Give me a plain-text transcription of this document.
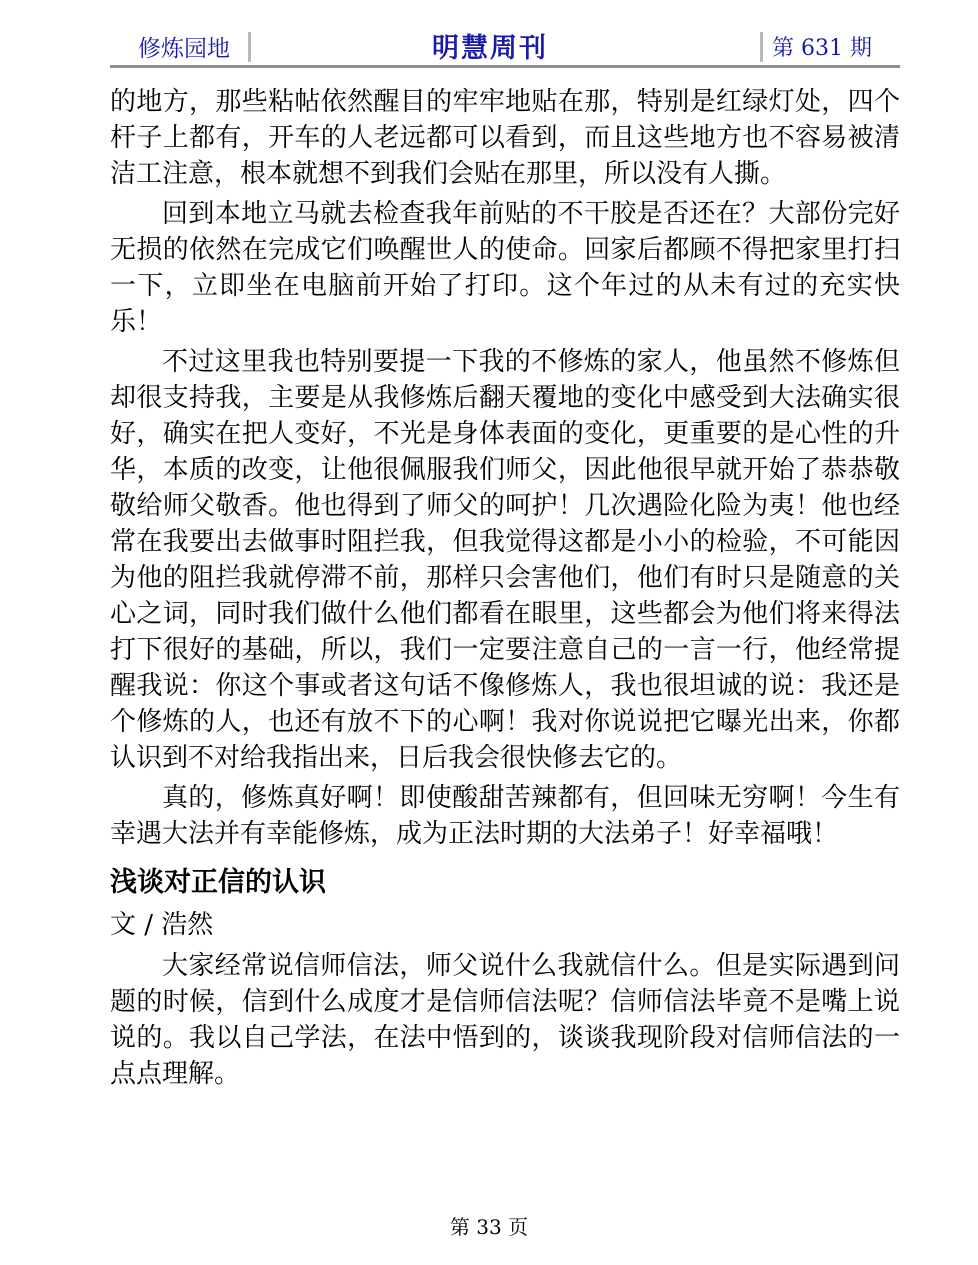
修炼园地	明慧周刊	第 631 期

的地方，那些粘帖依然醒目的牢牢地贴在那，特别是红绿灯处，四个杆子上都有，开车的人老远都可以看到，而且这些地方也不容易被清洁工注意，根本就想不到我们会贴在那里，所以没有人撕。

回到本地立马就去检查我年前贴的不干胶是否还在？大部份完好无损的依然在完成它们唤醒世人的使命。回家后都顾不得把家里打扫一下，立即坐在电脑前开始了打印。这个年过的从未有过的充实快乐！

不过这里我也特别要提一下我的不修炼的家人，他虽然不修炼但却很支持我，主要是从我修炼后翻天覆地的变化中感受到大法确实很好，确实在把人变好，不光是身体表面的变化，更重要的是心性的升华，本质的改变，让他很佩服我们师父，因此他很早就开始了恭恭敬敬给师父敬香。他也得到了师父的呵护！几次遇险化险为夷！他也经常在我要出去做事时阻拦我，但我觉得这都是小小的检验，不可能因为他的阻拦我就停滞不前，那样只会害他们，他们有时只是随意的关心之词，同时我们做什么他们都看在眼里，这些都会为他们将来得法打下很好的基础，所以，我们一定要注意自己的一言一行，他经常提醒我说：你这个事或者这句话不像修炼人，我也很坦诚的说：我还是个修炼的人，也还有放不下的心啊！我对你说说把它曝光出来，你都认识到不对给我指出来，日后我会很快修去它的。

真的，修炼真好啊！即使酸甜苦辣都有，但回味无穷啊！今生有幸遇大法并有幸能修炼，成为正法时期的大法弟子！好幸福哦！

浅谈对正信的认识
文 / 浩然

大家经常说信师信法，师父说什么我就信什么。但是实际遇到问题的时候，信到什么成度才是信师信法呢？信师信法毕竟不是嘴上说说的。我以自己学法，在法中悟到的，谈谈我现阶段对信师信法的一点点理解。

第 33 页
